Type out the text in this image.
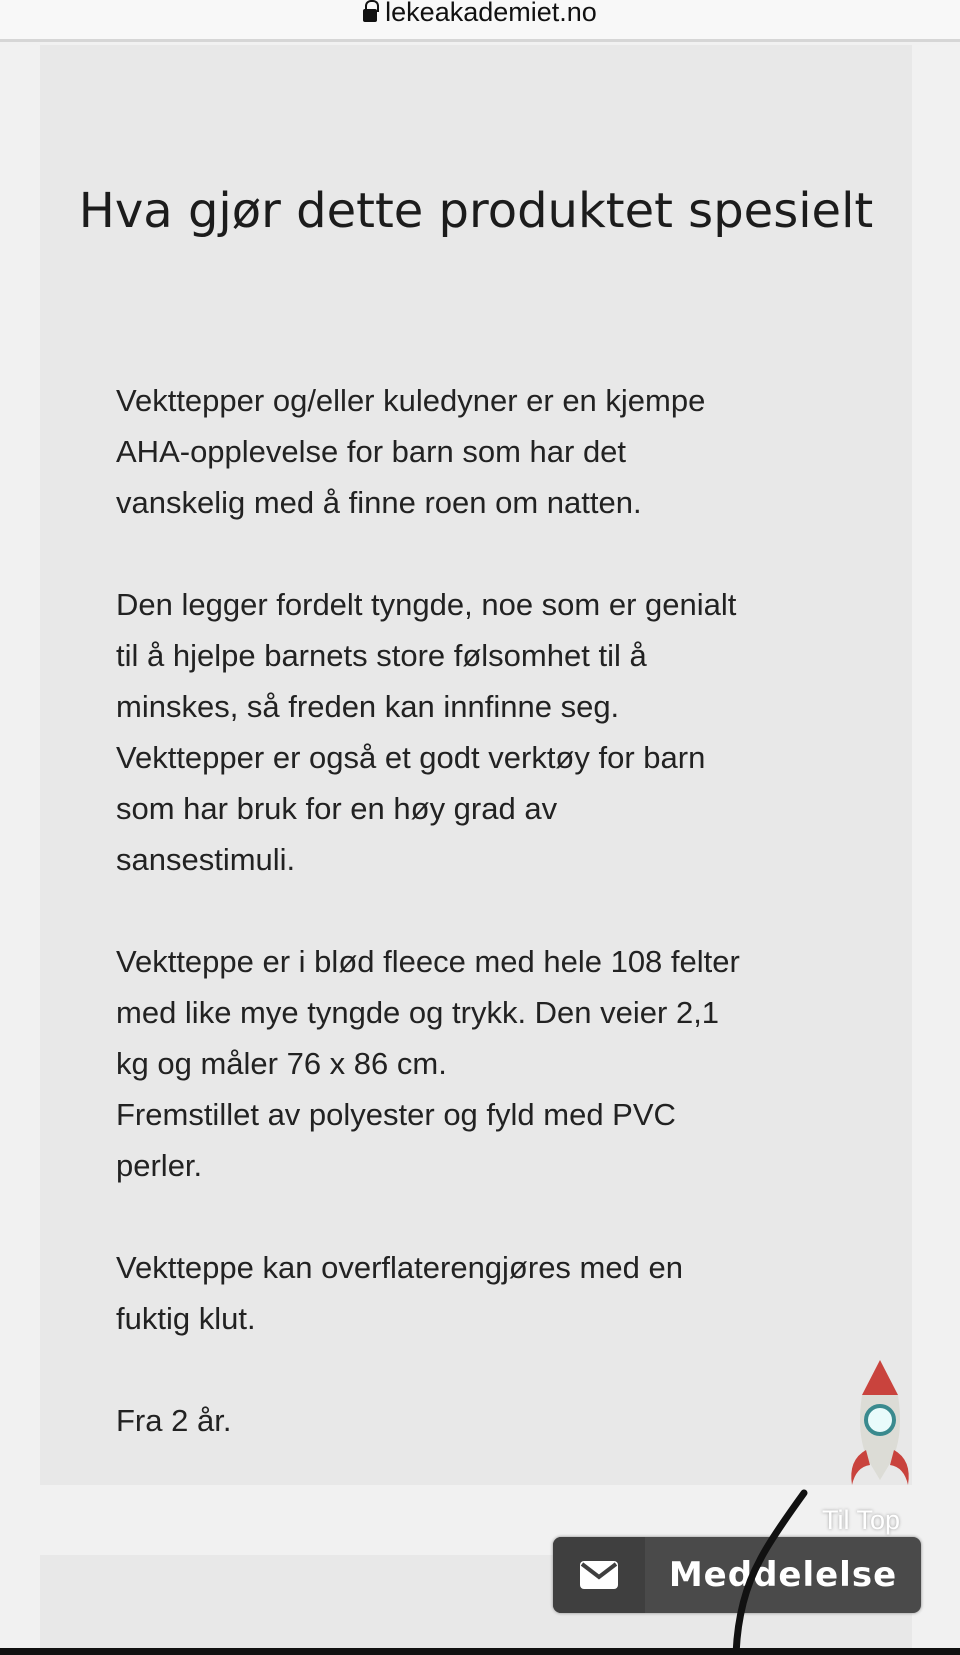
lekeakademiet.no
Hva gjør dette produktet spesielt

Vekttepper og/eller kuledyner er en kjempe
AHA-opplevelse for barn som har det
vanskelig med å finne roen om natten.

Den legger fordelt tyngde, noe som er genialt
til å hjelpe barnets store følsomhet til å
minskes, så freden kan innfinne seg.
Vekttepper er også et godt verktøy for barn
som har bruk for en høy grad av
sansestimuli.

Vektteppe er i blød fleece med hele 108 felter
med like mye tyngde og trykk. Den veier 2,1
kg og måler 76 x 86 cm.
Fremstillet av polyester og fyld med PVC
perler.

Vektteppe kan overflaterengjøres med en
fuktig klut.

Fra 2 år.

Til Top
Meddelelse
